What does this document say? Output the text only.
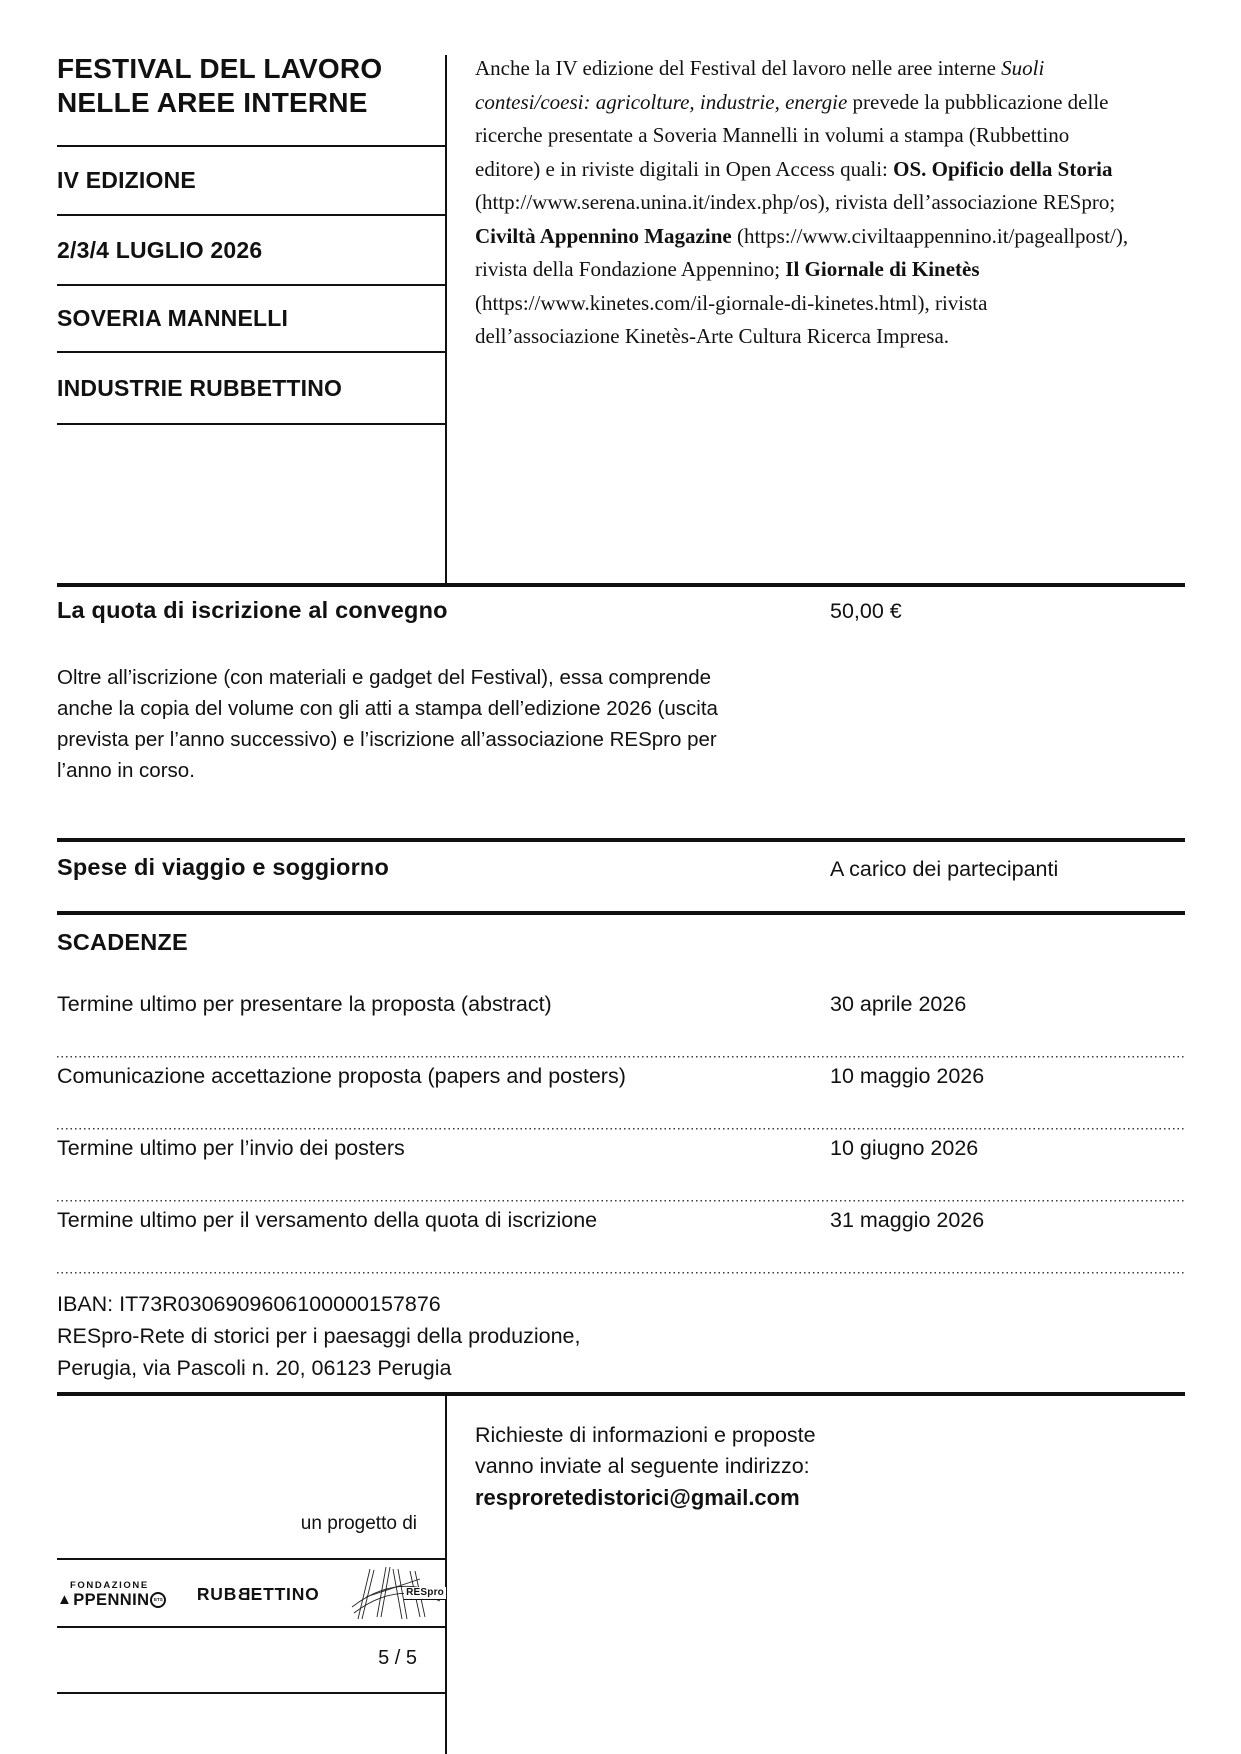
FESTIVAL DEL LAVORO
NELLE AREE INTERNE
IV EDIZIONE
2/3/4 LUGLIO 2026
SOVERIA MANNELLI
INDUSTRIE RUBBETTINO
Anche la IV edizione del Festival del lavoro nelle aree interne Suoli contesi/coesi: agricolture, industrie, energie prevede la pubblicazione delle ricerche presentate a Soveria Mannelli in volumi a stampa (Rubbettino editore) e in riviste digitali in Open Access quali: OS. Opificio della Storia (http://www.serena.unina.it/index.php/os), rivista dell’associazione RESpro; Civiltà Appennino Magazine (https://www.civiltaappennino.it/pageallpost/), rivista della Fondazione Appennino; Il Giornale di Kinetès (https://www.kinetes.com/il-giornale-di-kinetes.html), rivista dell’associazione Kinetès-Arte Cultura Ricerca Impresa.
La quota di iscrizione al convegno	50,00 €
Oltre all’iscrizione (con materiali e gadget del Festival), essa comprende anche la copia del volume con gli atti a stampa dell’edizione 2026 (uscita prevista per l’anno successivo) e l’iscrizione all’associazione RESpro per l’anno in corso.
Spese di viaggio e soggiorno	A carico dei partecipanti
SCADENZE
Termine ultimo per presentare la proposta (abstract)	30 aprile 2026
Comunicazione accettazione proposta (papers and posters)	10 maggio 2026
Termine ultimo per l’invio dei posters	10 giugno 2026
Termine ultimo per il versamento della quota di iscrizione	31 maggio 2026
IBAN: IT73R0306909606100000157876
RESpro-Rete di storici per i paesaggi della produzione,
Perugia, via Pascoli n. 20, 06123 Perugia
Richieste di informazioni e proposte
vanno inviate al seguente indirizzo:
resproretedistorici@gmail.com
un progetto di
FONDAZIONE
▲ PPENNIN ETS RUBBETTINO	RESpro
5 / 5
